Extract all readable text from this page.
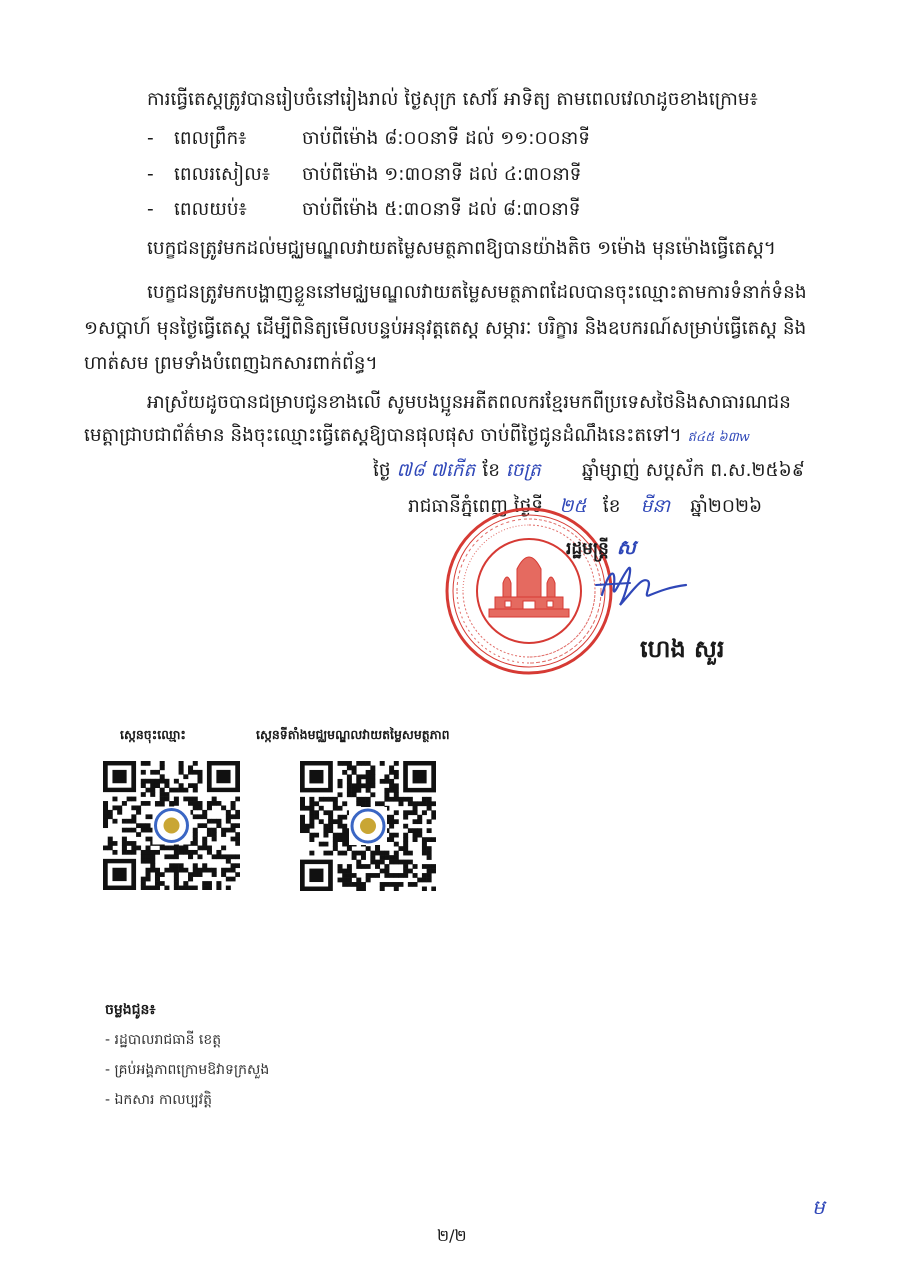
ការធ្វើតេស្តត្រូវបានរៀបចំនៅរៀងរាល់ ថ្ងៃសុក្រ សៅរ៍ អាទិត្យ តាមពេលវេលាដូចខាងក្រោម៖
- ពេលព្រឹក៖	ចាប់ពីម៉ោង ៨:០០នាទី ដល់ ១១:០០នាទី
- ពេលរសៀល៖ ចាប់ពីម៉ោង ១:៣០នាទី ដល់ ៤:៣០នាទី
- ពេលយប់៖	ចាប់ពីម៉ោង ៥:៣០នាទី ដល់ ៨:៣០នាទី
បេក្ខជនត្រូវមកដល់មជ្ឈមណ្ឌលវាយតម្លៃសមត្ថភាពឱ្យបានយ៉ាងតិច ១ម៉ោង មុនម៉ោងធ្វើតេស្ត។
បេក្ខជនត្រូវមកបង្ហាញខ្លួននៅមជ្ឈមណ្ឌលវាយតម្លៃសមត្ថភាពដែលបានចុះឈ្មោះតាមការទំនាក់ទំនង
១សប្តាហ៍ មុនថ្ងៃធ្វើតេស្ត ដើម្បីពិនិត្យមើលបន្ទប់អនុវត្តតេស្ត សម្ភារៈ បរិក្ខារ និងឧបករណ៍សម្រាប់ធ្វើតេស្ត និង
ហាត់សម ព្រមទាំងបំពេញឯកសារពាក់ព័ន្ធ។
អាស្រ័យដូចបានជម្រាបជូនខាងលើ សូមបងប្អូនអតីតពលករខ្មែរមកពីប្រទេសថៃនិងសាធារណជន
មេត្តាជ្រាបជាព័ត៌មាន និងចុះឈ្មោះធ្វើតេស្តឱ្យបានផុលផុស ចាប់ពីថ្ងៃជូនដំណឹងនេះតទៅ។ ឥ៤៥ ៦៣w
ថ្ងៃ ៧៨ ៧កើត ខែ ចេត្រ ឆ្នាំម្សាញ់ សប្តស័ក ព.ស.២៥៦៩
រាជធានីភ្នំពេញ ថ្ងៃទី ២៥ ខែ មីនា ឆ្នាំ២០២៦
រដ្ឋមន្ត្រី ស
ហេង សួរ
ស្កេនចុះឈ្មោះ	ស្កេនទីតាំងមជ្ឈមណ្ឌលវាយតម្លៃសមត្ថភាព
ចម្លងជូន៖
- រដ្ឋបាលរាជធានី ខេត្ត
- គ្រប់អង្គភាពក្រោមឱវាទក្រសួង
- ឯកសារ កាលប្បវត្តិ
ម
២/២
